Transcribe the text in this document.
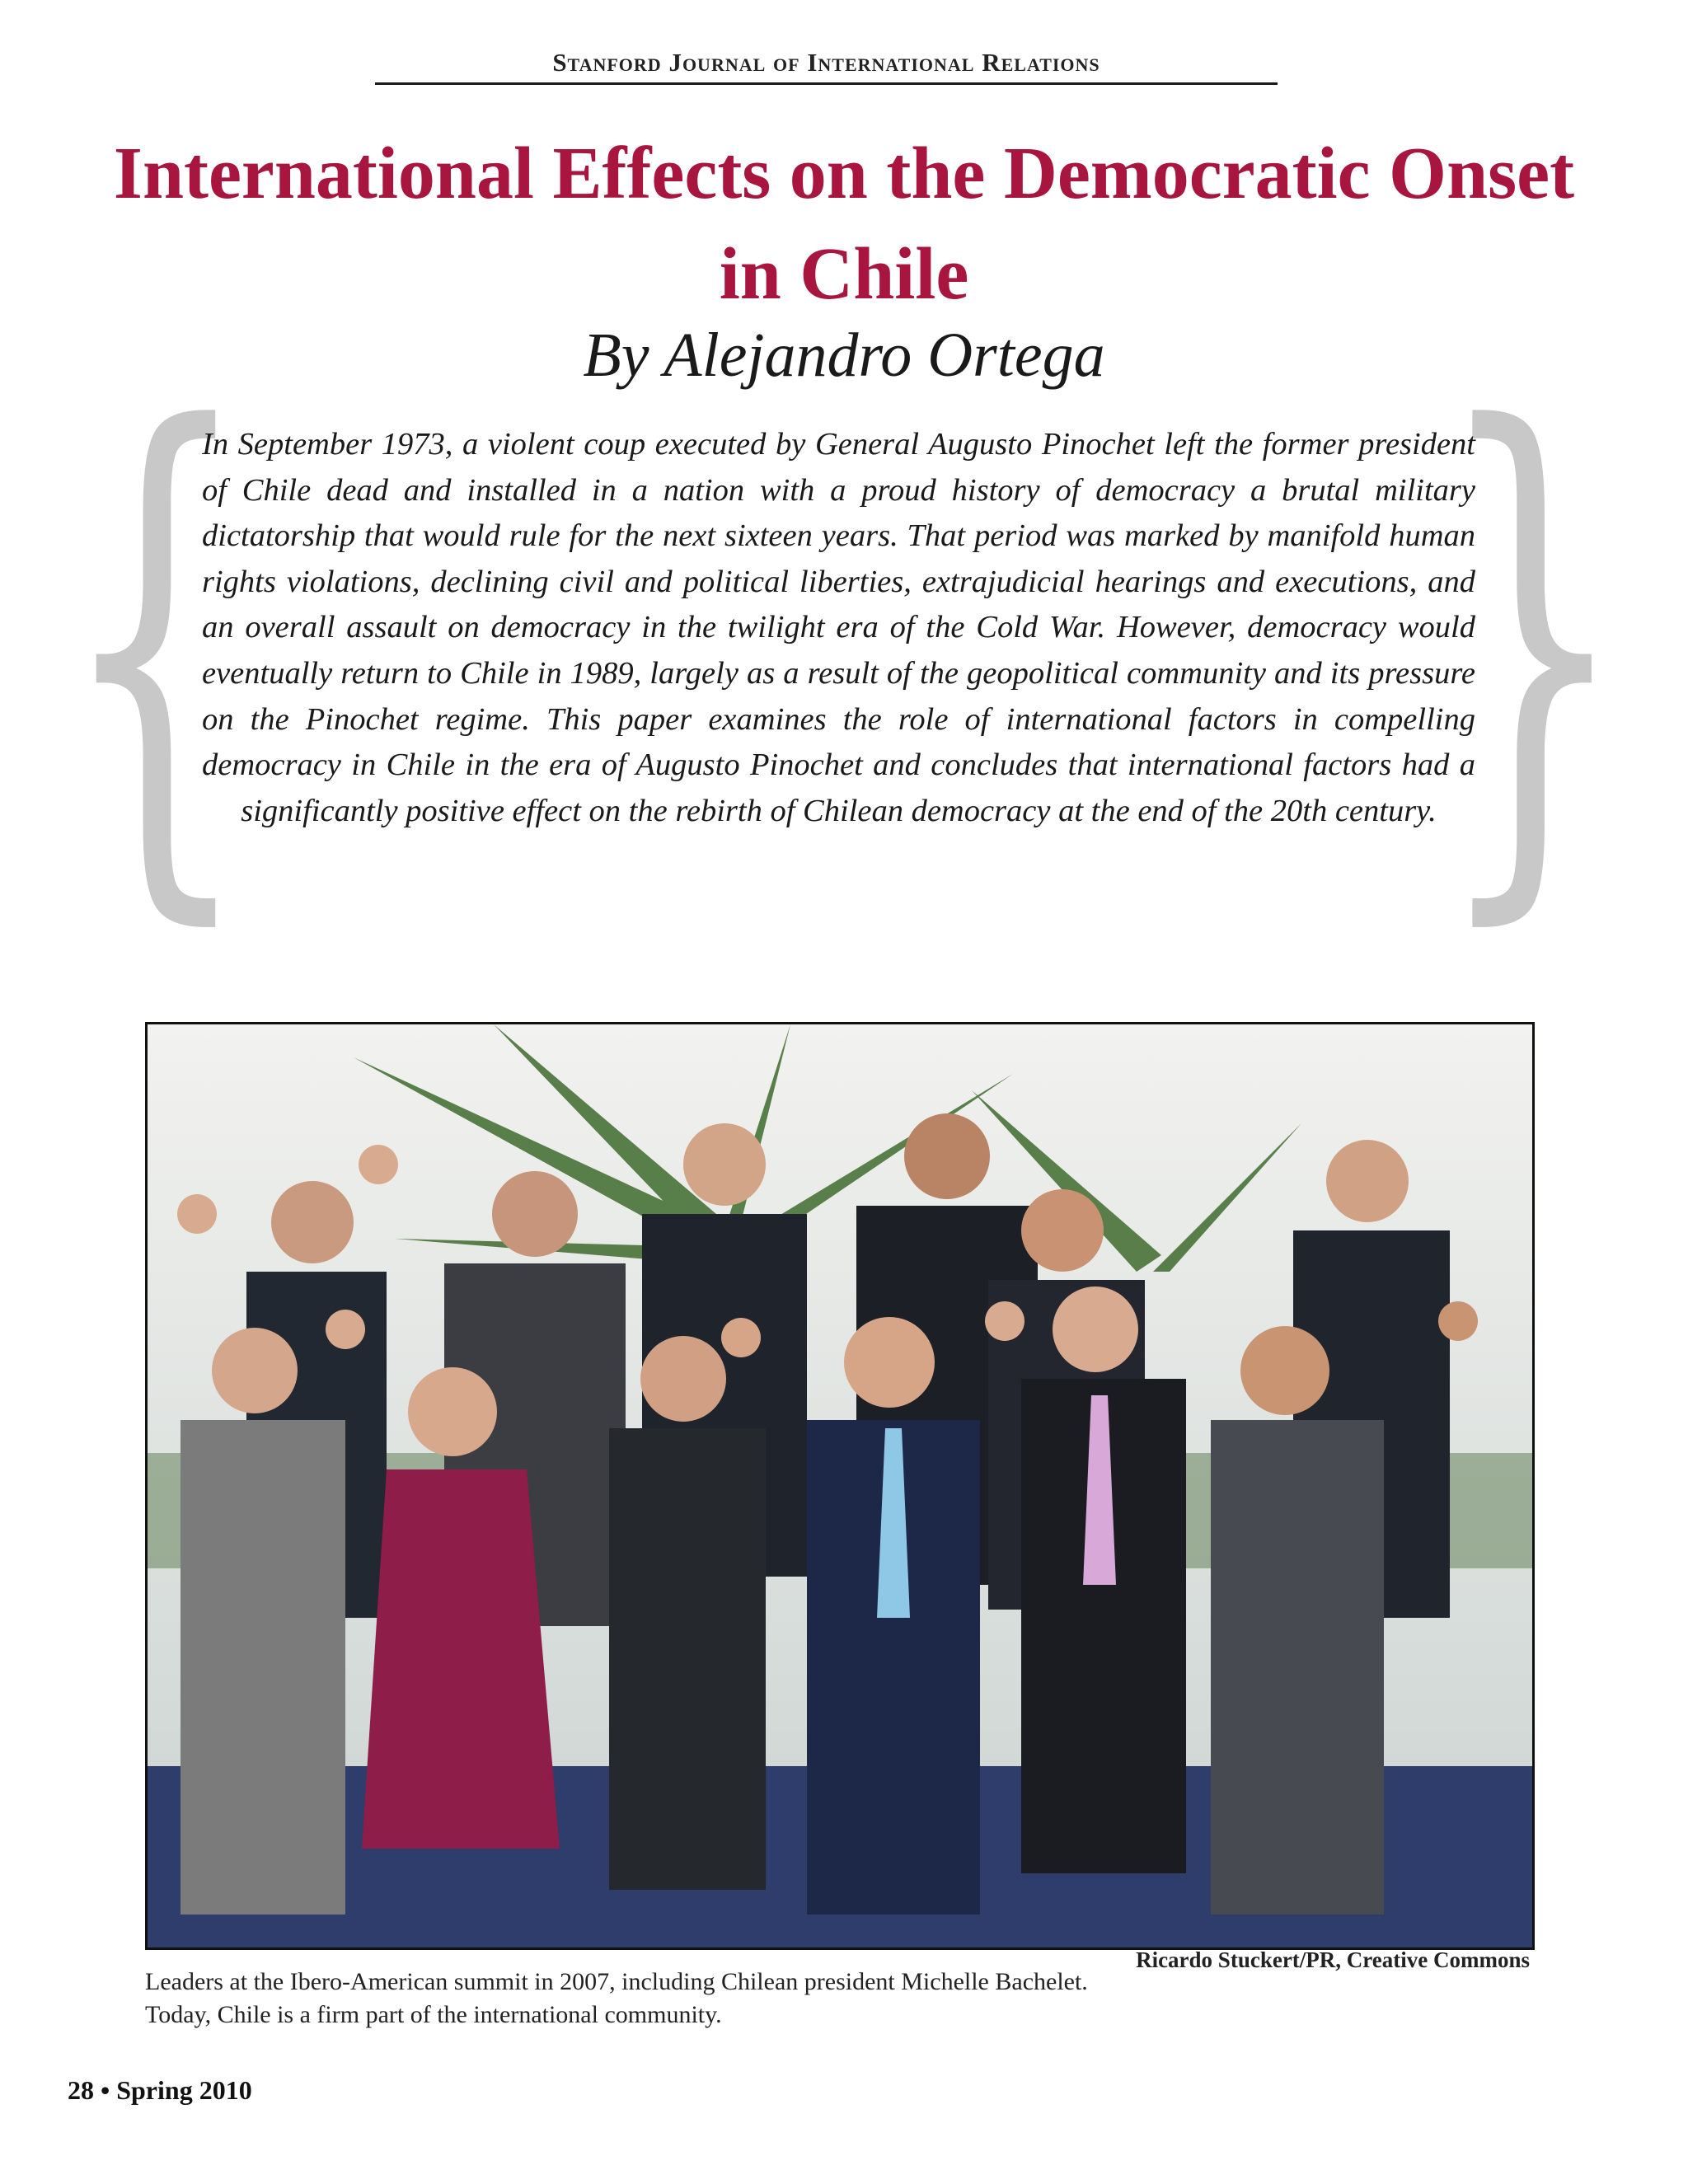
Stanford Journal of International Relations
International Effects on the Democratic Onset in Chile
By Alejandro Ortega
{ }

In September 1973, a violent coup executed by General Augusto Pinochet left the former president of Chile dead and installed in a nation with a proud history of democracy a brutal military dictatorship that would rule for the next sixteen years. That period was marked by manifold human rights violations, declining civil and political liberties, extrajudicial hearings and executions, and an overall assault on democracy in the twilight era of the Cold War. However, democracy would eventually return to Chile in 1989, largely as a result of the geopolitical community and its pressure on the Pinochet regime. This paper examines the role of international factors in compelling democracy in Chile in the era of Augusto Pinochet and concludes that international factors had a significantly positive effect on the rebirth of Chilean democracy at the end of the 20th century.

Ricardo Stuckert/PR, Creative Commons

Leaders at the Ibero-American summit in 2007, including Chilean president Michelle Bachelet. Today, Chile is a firm part of the international community.

28 • Spring 2010
